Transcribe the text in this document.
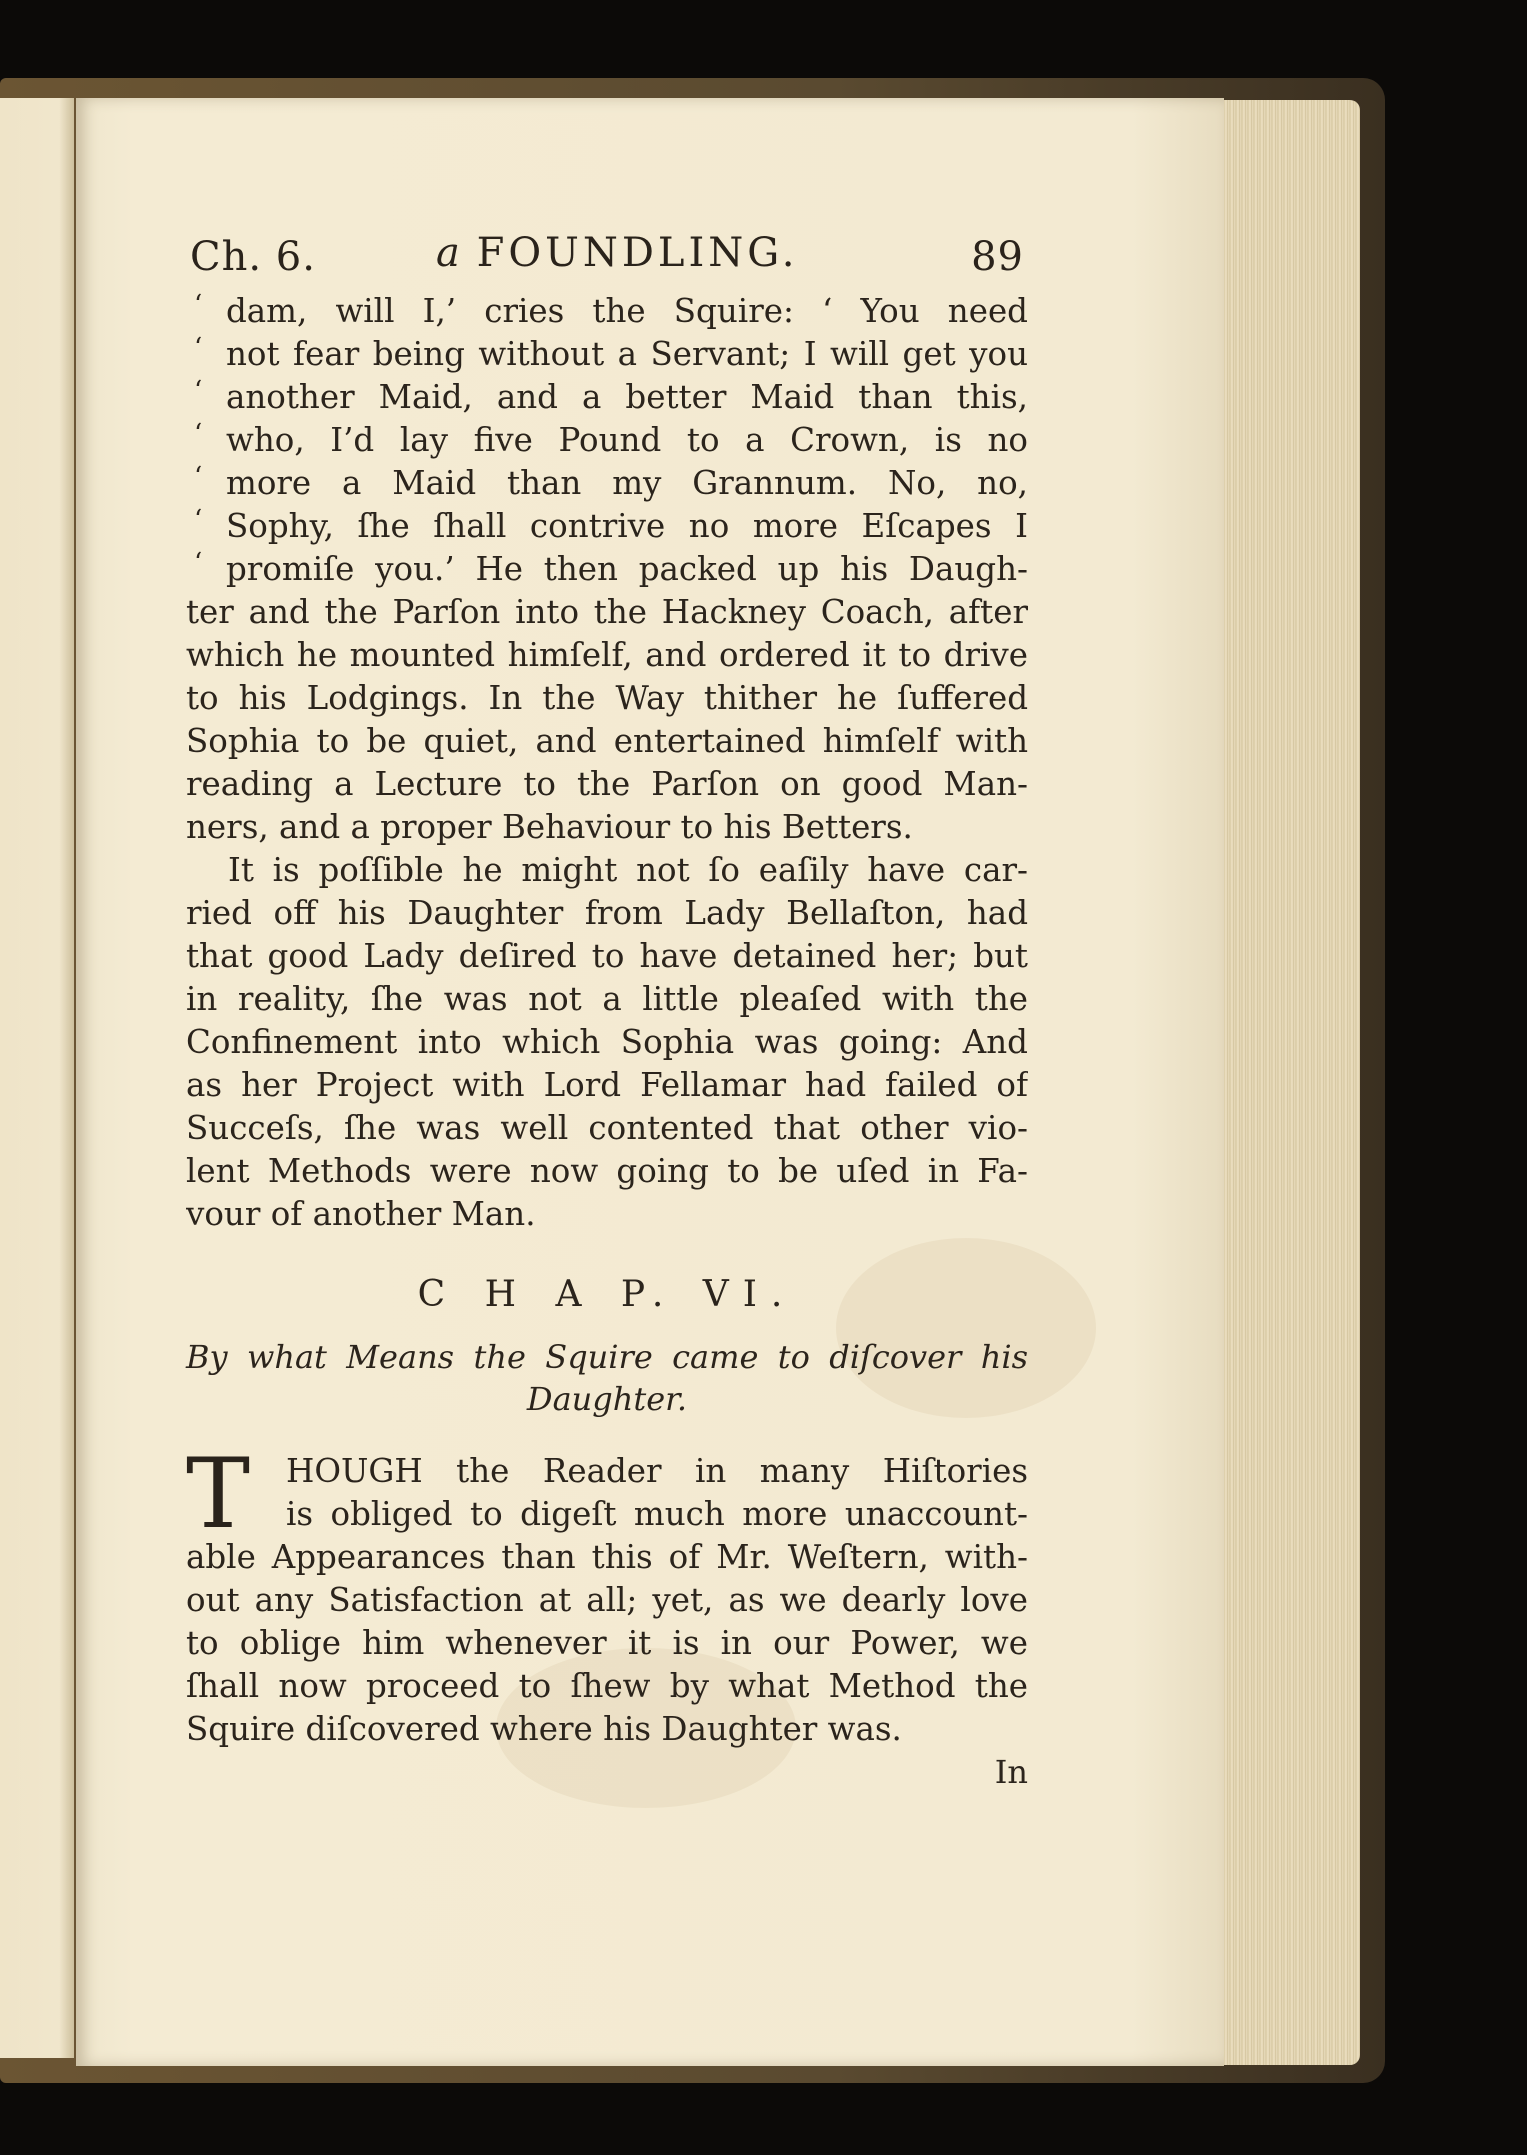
Ch. 6.	a FOUNDLING.	89
‘ dam, will I,’ cries the Squire: ‘ You need
‘ not fear being without a Servant; I will get you
‘ another Maid, and a better Maid than this,
‘ who, I’d lay five Pound to a Crown, is no
‘ more a Maid than my Grannum. No, no,
‘ Sophy, ſhe ſhall contrive no more Eſcapes I
‘ promiſe you.’ He then packed up his Daugh-
ter and the Parſon into the Hackney Coach, after
which he mounted himſelf, and ordered it to drive
to his Lodgings. In the Way thither he ſuffered
Sophia to be quiet, and entertained himſelf with
reading a Lecture to the Parſon on good Man-
ners, and a proper Behaviour to his Betters.
It is poſſible he might not ſo eaſily have car-
ried off his Daughter from Lady Bellaſton, had
that good Lady deſired to have detained her; but
in reality, ſhe was not a little pleaſed with the
Confinement into which Sophia was going: And
as her Project with Lord Fellamar had failed of
Succeſs, ſhe was well contented that other vio-
lent Methods were now going to be uſed in Fa-
vour of another Man.
C H A P. VI.
By what Means the Squire came to diſcover his
Daughter.
T	HOUGH the Reader in many Hiſtories
is obliged to digeſt much more unaccount-
able Appearances than this of Mr. Weſtern, with-
out any Satisfaction at all; yet, as we dearly love
to oblige him whenever it is in our Power, we
ſhall now proceed to ſhew by what Method the
Squire diſcovered where his Daughter was.
In
